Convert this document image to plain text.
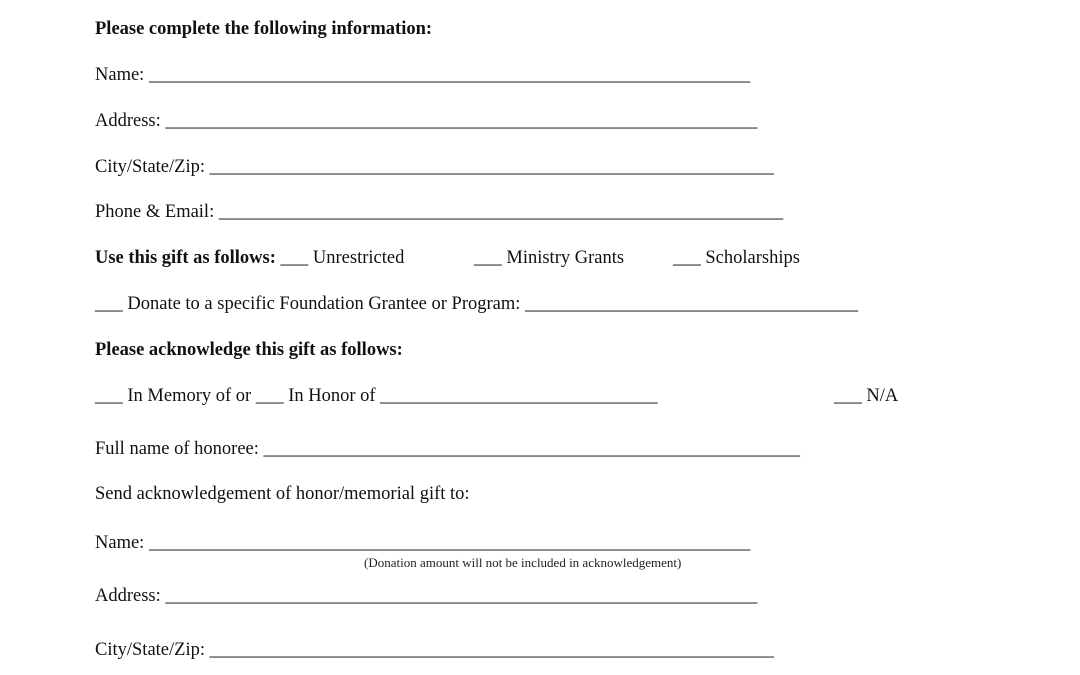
Please complete the following information:
Name: _________________________________________________________________
Address: ________________________________________________________________
City/State/Zip: _____________________________________________________________
Phone & Email: _____________________________________________________________
Use this gift as follows: ___ Unrestricted	___ Ministry Grants	___ Scholarships
___ Donate to a specific Foundation Grantee or Program: ____________________________________
Please acknowledge this gift as follows:
___ In Memory of or ___ In Honor of ______________________________	___ N/A
Full name of honoree: __________________________________________________________
Send acknowledgement of honor/memorial gift to:
Name: _________________________________________________________________
(Donation amount will not be included in acknowledgement)
Address: ________________________________________________________________
City/State/Zip: _____________________________________________________________
